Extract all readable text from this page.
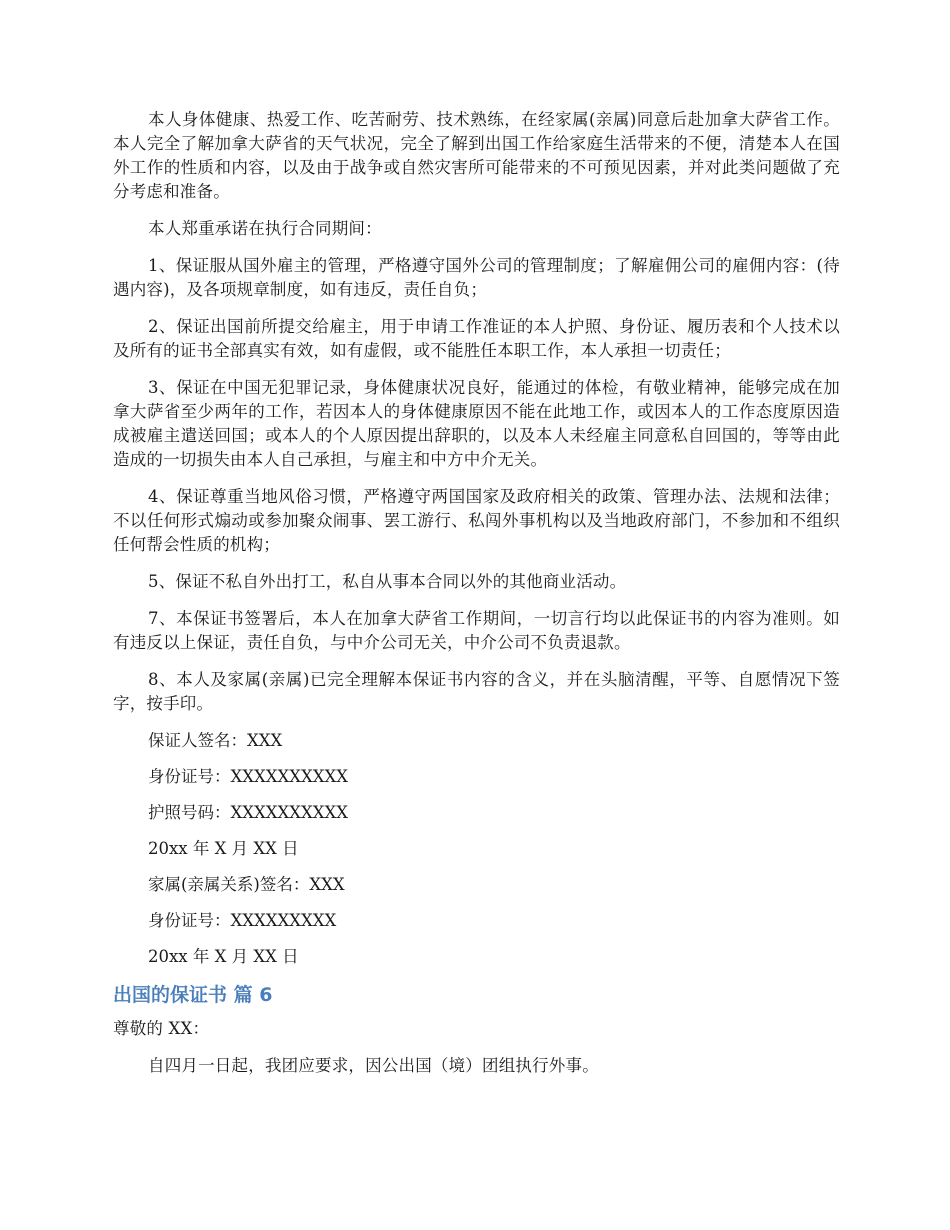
本人身体健康、热爱工作、吃苦耐劳、技术熟练，在经家属(亲属)同意后赴加拿大萨省工作。本人完全了解加拿大萨省的天气状况，完全了解到出国工作给家庭生活带来的不便，清楚本人在国外工作的性质和内容，以及由于战争或自然灾害所可能带来的不可预见因素，并对此类问题做了充分考虑和准备。

本人郑重承诺在执行合同期间：

1、保证服从国外雇主的管理，严格遵守国外公司的管理制度；了解雇佣公司的雇佣内容：(待遇内容)，及各项规章制度，如有违反，责任自负；

2、保证出国前所提交给雇主，用于申请工作准证的本人护照、身份证、履历表和个人技术以及所有的证书全部真实有效，如有虚假，或不能胜任本职工作，本人承担一切责任；

3、保证在中国无犯罪记录，身体健康状况良好，能通过的体检，有敬业精神，能够完成在加拿大萨省至少两年的工作，若因本人的身体健康原因不能在此地工作，或因本人的工作态度原因造成被雇主遣送回国；或本人的个人原因提出辞职的，以及本人未经雇主同意私自回国的，等等由此造成的一切损失由本人自己承担，与雇主和中方中介无关。

4、保证尊重当地风俗习惯，严格遵守两国国家及政府相关的政策、管理办法、法规和法律；不以任何形式煽动或参加聚众闹事、罢工游行、私闯外事机构以及当地政府部门，不参加和不组织任何帮会性质的机构；

5、保证不私自外出打工，私自从事本合同以外的其他商业活动。

7、本保证书签署后，本人在加拿大萨省工作期间，一切言行均以此保证书的内容为准则。如有违反以上保证，责任自负，与中介公司无关，中介公司不负责退款。

8、本人及家属(亲属)已完全理解本保证书内容的含义，并在头脑清醒，平等、自愿情况下签字，按手印。

保证人签名：XXX

身份证号：XXXXXXXXXX

护照号码：XXXXXXXXXX

20xx 年 X 月 XX 日

家属(亲属关系)签名：XXX

身份证号：XXXXXXXXX

20xx 年 X 月 XX 日

出国的保证书 篇 6

尊敬的 XX：

自四月一日起，我团应要求，因公出国（境）团组执行外事。
